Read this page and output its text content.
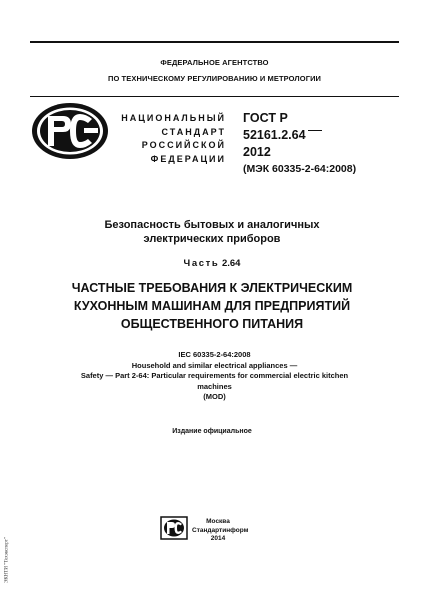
ФЕДЕРАЛЬНОЕ АГЕНТСТВО
ПО ТЕХНИЧЕСКОМУ РЕГУЛИРОВАНИЮ И МЕТРОЛОГИИ
НАЦИОНАЛЬНЫЙ
СТАНДАРТ
РОССИЙСКОЙ
ФЕДЕРАЦИИ
ГОСТ Р
52161.2.64
2012
(МЭК 60335-2-64:2008)
Безопасность бытовых и аналогичных
электрических приборов
Часть 2.64
ЧАСТНЫЕ ТРЕБОВАНИЯ К ЭЛЕКТРИЧЕСКИМ
КУХОННЫМ МАШИНАМ ДЛЯ ПРЕДПРИЯТИЙ
ОБЩЕСТВЕННОГО ПИТАНИЯ
IEC 60335-2-64:2008
Household and similar electrical appliances —
Safety — Part 2-64: Particular requirements for commercial electric kitchen
machines
(MOD)
Издание официальное
Москва
Стандартинформ
2014
ЭКНТИ "Техэксперт"
